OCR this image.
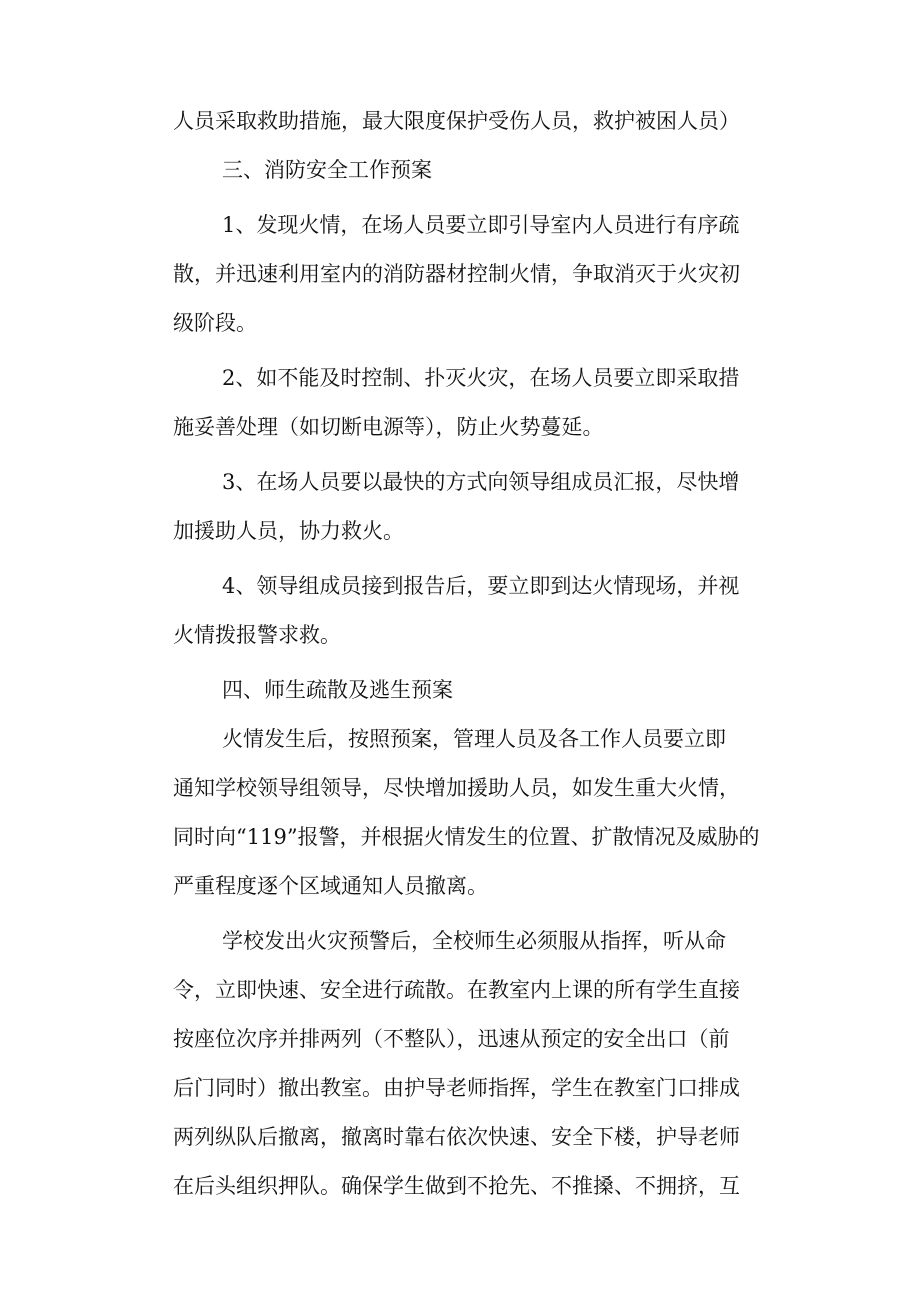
人员采取救助措施，最大限度保护受伤人员，救护被困人员）
三、消防安全工作预案
1、发现火情，在场人员要立即引导室内人员进行有序疏
散，并迅速利用室内的消防器材控制火情，争取消灭于火灾初
级阶段。
2、如不能及时控制、扑灭火灾，在场人员要立即采取措
施妥善处理（如切断电源等），防止火势蔓延。
3、在场人员要以最快的方式向领导组成员汇报，尽快增
加援助人员，协力救火。
4、领导组成员接到报告后，要立即到达火情现场，并视
火情拨报警求救。
四、师生疏散及逃生预案
火情发生后，按照预案，管理人员及各工作人员要立即
通知学校领导组领导，尽快增加援助人员，如发生重大火情，
同时向“119”报警，并根据火情发生的位置、扩散情况及威胁的
严重程度逐个区域通知人员撤离。
学校发出火灾预警后，全校师生必须服从指挥，听从命
令，立即快速、安全进行疏散。在教室内上课的所有学生直接
按座位次序并排两列（不整队），迅速从预定的安全出口（前
后门同时）撤出教室。由护导老师指挥，学生在教室门口排成
两列纵队后撤离，撤离时靠右依次快速、安全下楼，护导老师
在后头组织押队。确保学生做到不抢先、不推搡、不拥挤，互
